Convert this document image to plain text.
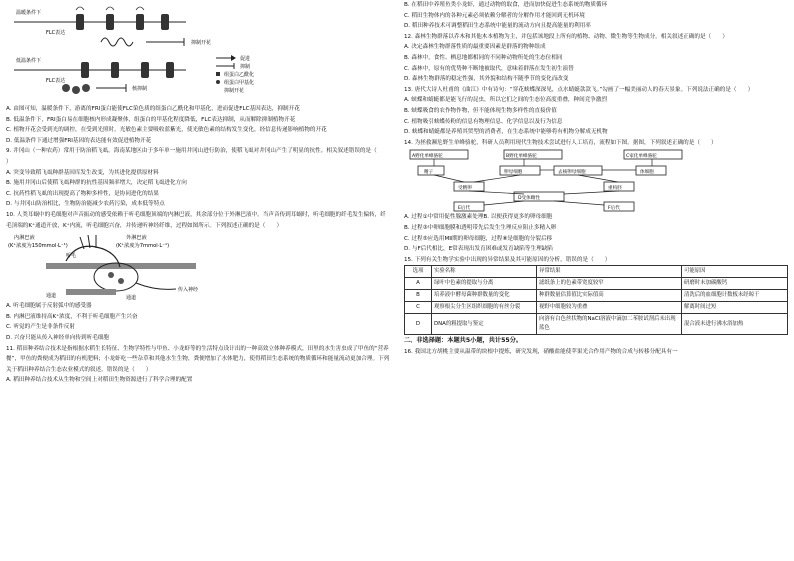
温暖条件下
FLC表达
抑制开花
低温条件下
FLC表达
核抑制
促进
抑制
组蛋白乙酰化
组蛋白甲基化
抑制开花

A. 由图可知，温暖条件下，游离的FRI蛋白能使FLC染色质的组蛋白乙酰化和甲基化，进而促进FLC基因表达，抑制开花

B. 低温条件下，FRI蛋白易在细胞核内形成凝聚体，组蛋白的甲基化程度降低，FLC表达抑制，从而解除抑制植物开花

C. 植物开花会受到光的调控，在受到光照时，光敏色素主要吸收蓝紫光，使光敏色素的结构发生变化，经信息传递影响植物的开花

D. 低温条件下通过增强FRI基因的表达能有效促进植物开花

9. 井冈山（一种农药）常用于防治稻飞虱。海南某地区由于多年单一施用井冈山进行防治，使稻飞虱对井冈山产生了明显的抗性。相关叙述错误的是（　　）

A. 突变导致稻飞虱种群基因库发生改变，为其进化提供原材料

B. 施用井冈山后使稻飞虱种群的抗性基因频率增大，决定稻飞虱进化方向

C. 抗药性稻飞虱的出现提高了物种多样性，是协同进化的结果

D. 与井冈山防治相比，生物防治能减少农药污染，成本低等特点

10. 人类耳蜗中的毛细胞对声音振动的感受依赖于听毛细胞顶端的内淋巴液，其余部分位于外淋巴液中。当声音传到耳蜗时，听毛细胞的纤毛发生偏转，纤毛顶端的K⁺通道开放，K⁺内流，听毛细胞兴奋，并传递听神经纤维，过程如图所示。下列叙述正确的是（　　）

内淋巴液
(K⁺浓度为150mmol·L⁻¹)
外淋巴液
(K⁺浓度为7mmol·L⁻¹)
听毛
传入神经
通道	通道

A. 听毛细胞属于反射弧中的感受器

B. 内淋巴液维持高K⁺浓度，不利于听毛细胞产生兴奋

C. 听觉的产生是非条件反射

D. 兴奋只能从传入神经单向传到听毛细胞

11. 稻田种养结合技术是指根据水稻生长特征、生物学特性与甲鱼、小龙虾等的生活特点设计出的一种高效立体种养模式，田里的水生害虫成了甲鱼的“营养餐”，甲鱼的粪便成为稻田的有机肥料；小龙虾吃一些杂草和其他水生生物，粪便增加了水体肥力，使得稻田生态系统的物质循环和能量流动更加合理。下列关于稻田种养结合生态农业模式的叙述，错误的是（　　）

A. 稻田种养结合技术从生物和空间上对稻田生物资源进行了科学合理的配置

B. 在稻田中养殖鱼类小龙虾，通过动物的取食，进而加快促进生态系统的物质循环

C. 稻田生物体内的各种元素必须依赖分解者的分解作用才能回到无机环境

D. 稻田种养技术可调整稻田生态系统中能量的流动方向且提高能量的利用率

12. 森林生物群落以乔木和其他木本植物为主，并包括该地段上所有的植物、动物、微生物等生物成分。相关叙述正确的是（　　）

A. 决定森林生物群落性质的最重要因素是群落的物种组成

B. 森林中，食性、栖息地都相同的不同种动物所处的生态位相同

C. 森林中，原有的优势种不断地被取代，意味着群落在发生初生演替

D. 森林生物群落的稳定性强，其外貌和结构不随季节的变化而改变

13. 唐代大诗人杜甫的《曲江》中有诗句：“穿花蛱蝶深深见，点水蜻蜓款款飞。”勾画了一幅美丽动人的春天景象。下列说法正确的是（　　）

A. 蛱蝶和蜻蜓都是能飞行的昆虫，所以它们之间的生态位高度重叠，种间竞争激烈

B. 蛱蝶吸食的农作物作物，但不能体现生物多样性的直接价值

C. 植物吸引蛱蝶传粉的信息有物理信息、化学信息以及行为信息

D. 蛱蝶和蜻蜓都是养殖其贸型的消费者，在生态系统中能够将有机物分解成无机物

14. 为拯救濒危野生单峰骆驼，科研人员利用现代生物技术尝试进行人工培育，流程如下图。据图，下列叙述正确的是（　　）

A野化单峰骆驼	B野化单峰骆驼	C家化单峰骆驼
精子	卵母细胞	去核卵母细胞	体细胞
受精卵	重构胚
D受体雌性
E后代	F后代

A. 过程①中常用促性腺激素处理B. 以便获得更多的卵母细胞

B. 过程③中卵细胞膜和透明带先后发生生理反应阻止多精入卵

C. 过程⑤应选用MⅡ期的卵母细胞，过程⑧是细胞的分裂后移

D. 与F后代相比，E常表现出发育困难或发育缺陷等生理缺陷

15. 下列有关生物学实验中出现的异常结果及其可能原因的分析，错误的是（　　）

选项	实验名称	异常结果	可能原因
A	绿叶中色素的提取与分离	滤纸条上的色素带宽度较窄	研磨时未加碳酸钙
B	培养液中酵母菌种群数量的变化	种群数量估算值比实际值高	清洗后的血细胞计数板未经晾干
C	观察根尖分生区组织细胞的有丝分裂	视野中细胞较为重叠	解离时间过短
D	DNA的粗提取与鉴定	向溶有白色丝状物的NaCl溶液中滴加二苯胺试剂后未出现蓝色	混合液未进行沸水浴加热

二、非选择题：本题共5小题，共计55分。

16. 我国北方胡桃主要从温带的块根中提炼，研究发现，硝酸盐能使苹果光合作用产物的合成与转移分配具有一
